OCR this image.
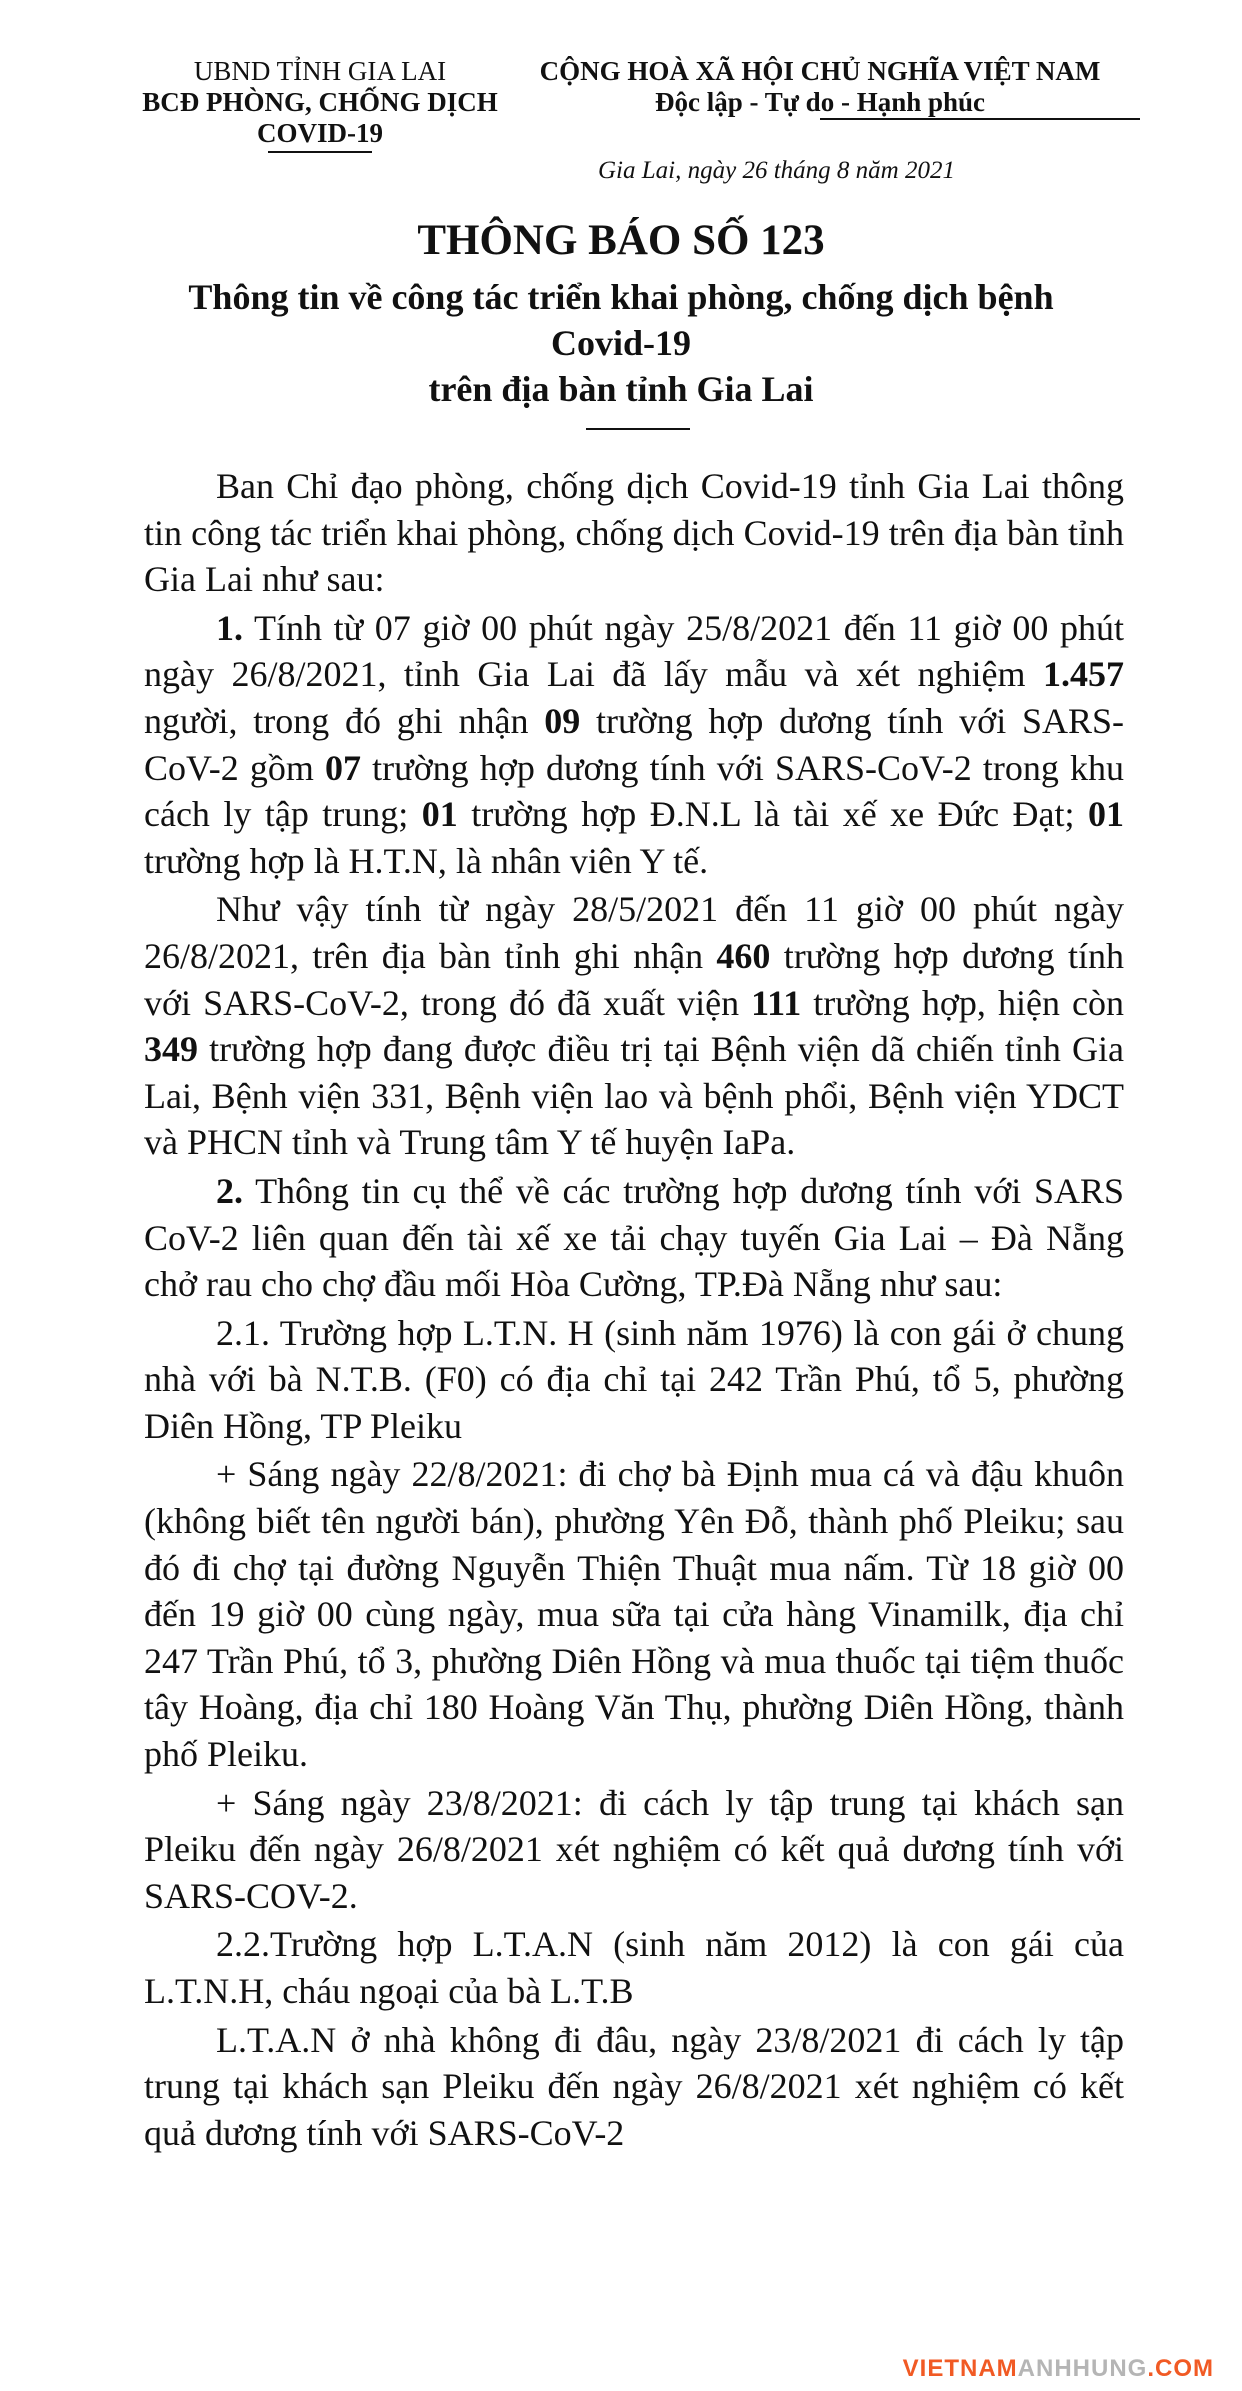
UBND TỈNH GIA LAI
BCĐ PHÒNG, CHỐNG DỊCH
COVID-19
CỘNG HOÀ XÃ HỘI CHỦ NGHĨA VIỆT NAM
Độc lập - Tự do - Hạnh phúc
Gia Lai, ngày 26 tháng 8 năm 2021
THÔNG BÁO SỐ 123
Thông tin về công tác triển khai phòng, chống dịch bệnh
Covid-19
trên địa bàn tỉnh Gia Lai

Ban Chỉ đạo phòng, chống dịch Covid-19 tỉnh Gia Lai thông tin công tác triển khai phòng, chống dịch Covid-19 trên địa bàn tỉnh Gia Lai như sau:

1. Tính từ 07 giờ 00 phút ngày 25/8/2021 đến 11 giờ 00 phút ngày 26/8/2021, tỉnh Gia Lai đã lấy mẫu và xét nghiệm 1.457 người, trong đó ghi nhận 09 trường hợp dương tính với SARS-CoV-2 gồm 07 trường hợp dương tính với SARS-CoV-2 trong khu cách ly tập trung; 01 trường hợp Đ.N.L là tài xế xe Đức Đạt; 01 trường hợp là H.T.N, là nhân viên Y tế.

Như vậy tính từ ngày 28/5/2021 đến 11 giờ 00 phút ngày 26/8/2021, trên địa bàn tỉnh ghi nhận 460 trường hợp dương tính với SARS-CoV-2, trong đó đã xuất viện 111 trường hợp, hiện còn 349 trường hợp đang được điều trị tại Bệnh viện dã chiến tỉnh Gia Lai, Bệnh viện 331, Bệnh viện lao và bệnh phổi, Bệnh viện YDCT và PHCN tỉnh và Trung tâm Y tế huyện IaPa.

2. Thông tin cụ thể về các trường hợp dương tính với SARS CoV-2 liên quan đến tài xế xe tải chạy tuyến Gia Lai – Đà Nẵng chở rau cho chợ đầu mối Hòa Cường, TP.Đà Nẵng như sau:

2.1. Trường hợp L.T.N. H (sinh năm 1976) là con gái ở chung nhà với bà N.T.B. (F0) có địa chỉ tại 242 Trần Phú, tổ 5, phường Diên Hồng, TP Pleiku

+ Sáng ngày 22/8/2021: đi chợ bà Định mua cá và đậu khuôn (không biết tên người bán), phường Yên Đỗ, thành phố Pleiku; sau đó đi chợ tại đường Nguyễn Thiện Thuật mua nấm. Từ 18 giờ 00 đến 19 giờ 00 cùng ngày, mua sữa tại cửa hàng Vinamilk, địa chỉ 247 Trần Phú, tổ 3, phường Diên Hồng và mua thuốc tại tiệm thuốc tây Hoàng, địa chỉ 180 Hoàng Văn Thụ, phường Diên Hồng, thành phố Pleiku.

+ Sáng ngày 23/8/2021: đi cách ly tập trung tại khách sạn Pleiku đến ngày 26/8/2021 xét nghiệm có kết quả dương tính với SARS-COV-2.

2.2.Trường hợp L.T.A.N (sinh năm 2012) là con gái của L.T.N.H, cháu ngoại của bà L.T.B

L.T.A.N ở nhà không đi đâu, ngày 23/8/2021 đi cách ly tập trung tại khách sạn Pleiku đến ngày 26/8/2021 xét nghiệm có kết quả dương tính với SARS-CoV-2

VIETNAMANHHUNG.COM
